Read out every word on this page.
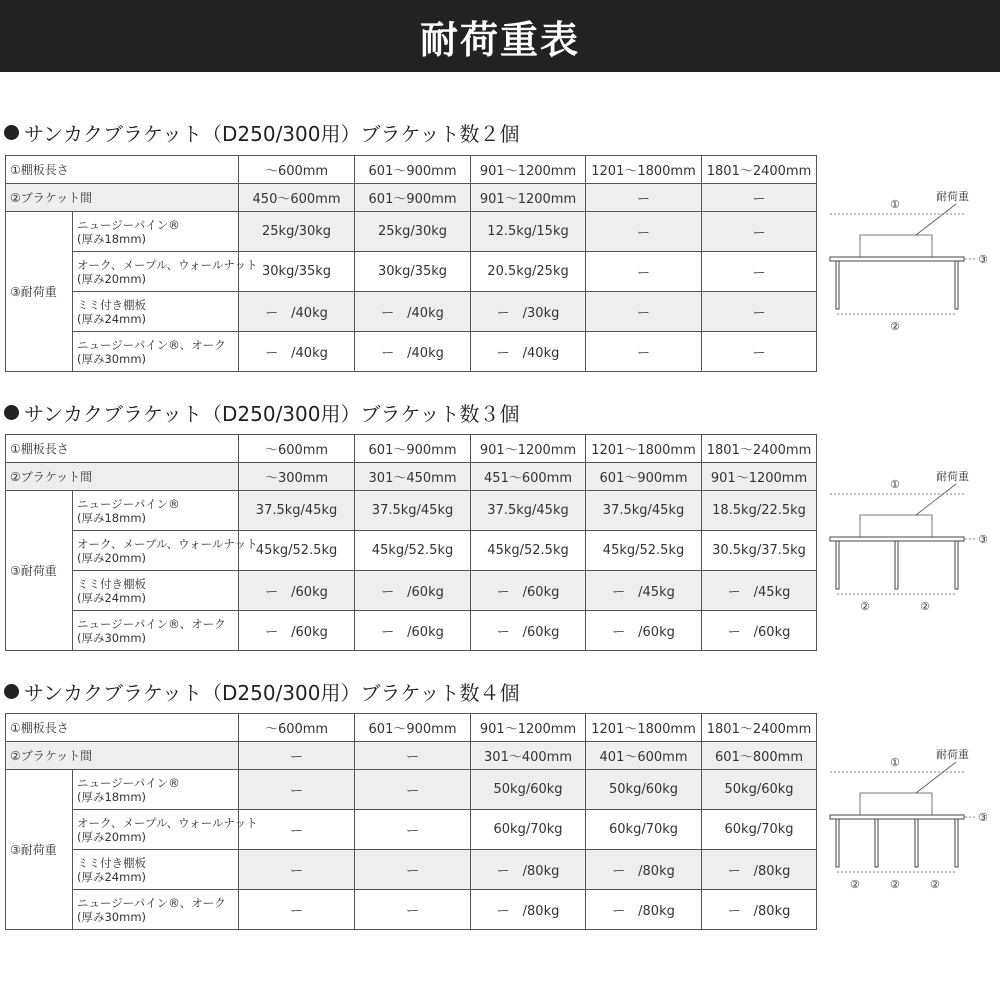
耐荷重表
サンカクブラケット（D250/300用）ブラケット数２個
①棚板長さ		～600mm	601～900mm	901～1200mm	1201～1800mm	1801～2400mm
②ブラケット間		450～600mm	601～900mm	901～1200mm	ー	ー
③耐荷重	ニュージーパイン®
(厚み18mm)	25kg/30kg	25kg/30kg	12.5kg/15kg	ー	ー
	オーク、メープル、ウォールナット
(厚み20mm)	30kg/35kg	30kg/35kg	20.5kg/25kg	ー	ー
	ミミ付き棚板
(厚み24mm)	ー　/40kg	ー　/40kg	ー　/30kg	ー	ー
	ニュージーパイン®、オーク
(厚み30mm)	ー　/40kg	ー　/40kg	ー　/40kg	ー	ー
耐荷重
①
③
②
サンカクブラケット（D250/300用）ブラケット数３個
①棚板長さ		～600mm	601～900mm	901～1200mm	1201～1800mm	1801～2400mm
②ブラケット間		～300mm	301～450mm	451～600mm	601～900mm	901～1200mm
③耐荷重	ニュージーパイン®
(厚み18mm)	37.5kg/45kg	37.5kg/45kg	37.5kg/45kg	37.5kg/45kg	18.5kg/22.5kg
	オーク、メープル、ウォールナット
(厚み20mm)	45kg/52.5kg	45kg/52.5kg	45kg/52.5kg	45kg/52.5kg	30.5kg/37.5kg
	ミミ付き棚板
(厚み24mm)	ー　/60kg	ー　/60kg	ー　/60kg	ー　/45kg	ー　/45kg
	ニュージーパイン®、オーク
(厚み30mm)	ー　/60kg	ー　/60kg	ー　/60kg	ー　/60kg	ー　/60kg
耐荷重
①
③
②	②
サンカクブラケット（D250/300用）ブラケット数４個
①棚板長さ		～600mm	601～900mm	901～1200mm	1201～1800mm	1801～2400mm
②ブラケット間		ー	ー	301～400mm	401～600mm	601～800mm
③耐荷重	ニュージーパイン®
(厚み18mm)	ー	ー	50kg/60kg	50kg/60kg	50kg/60kg
	オーク、メープル、ウォールナット
(厚み20mm)	ー	ー	60kg/70kg	60kg/70kg	60kg/70kg
	ミミ付き棚板
(厚み24mm)	ー	ー	ー　/80kg	ー　/80kg	ー　/80kg
	ニュージーパイン®、オーク
(厚み30mm)	ー	ー	ー　/80kg	ー　/80kg	ー　/80kg
耐荷重
①
③
②	②	②
